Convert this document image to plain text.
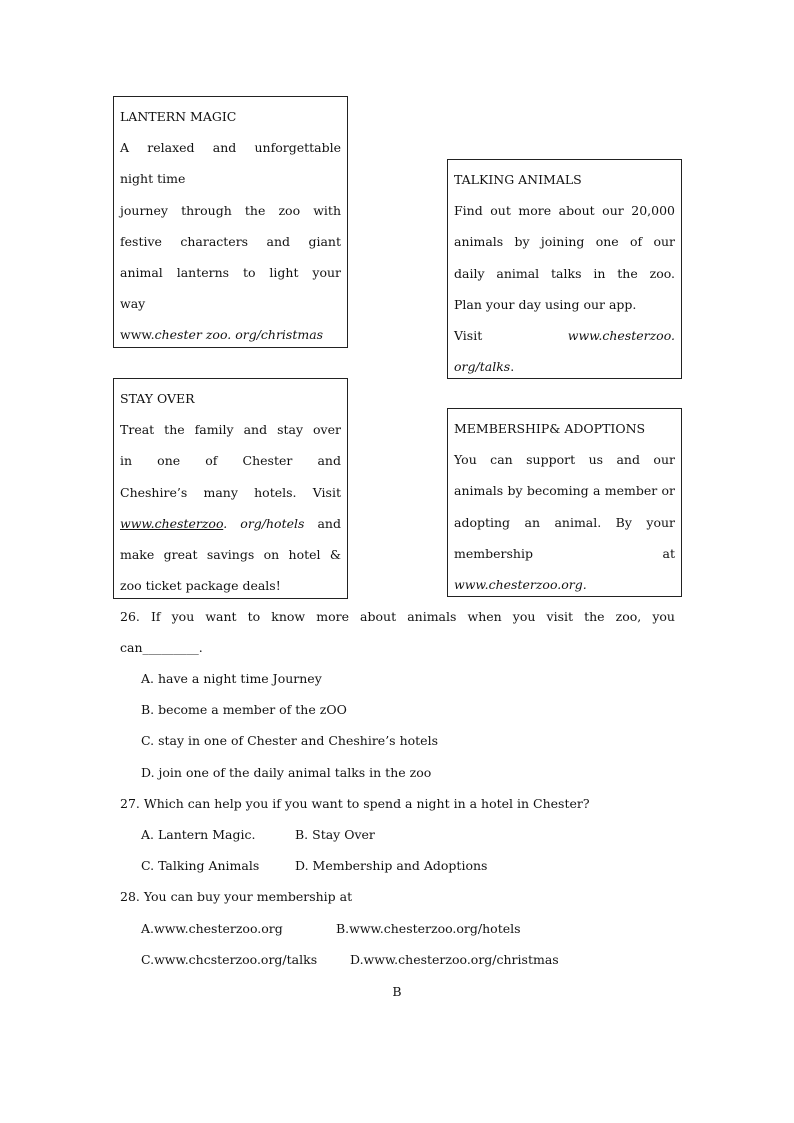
LANTERN MAGIC
A relaxed and unforgettable
night time
journey through the zoo with
festive characters and giant
animal lanterns to light your
way
www.chester zoo. org/christmas
TALKING ANIMALS
Find out more about our 20,000
animals by joining one of our
daily animal talks in the zoo.
Plan your day using our app.
Visit	www.chesterzoo.
org/talks.
STAY OVER
Treat the family and stay over
in one of Chester and
Cheshire’s many hotels. Visit
www.chesterzoo. org/hotels and
make great savings on hotel &
zoo ticket package deals!
MEMBERSHIP& ADOPTIONS
You can support us and our
animals by becoming a member or
adopting an animal. By your
membership at
www.chesterzoo.org.
26. If you want to know more about animals when you visit the zoo, you
can_________.
A. have a night time Journey
B. become a member of the zOO
C. stay in one of Chester and Cheshire’s hotels
D. join one of the daily animal talks in the zoo
27. Which can help you if you want to spend a night in a hotel in Chester?
A. Lantern Magic.	B. Stay Over
C. Talking Animals	D. Membership and Adoptions
28. You can buy your membership at
A.www.chesterzoo.org	B.www.chesterzoo.org/hotels
C.www.chcsterzoo.org/talks	D.www.chesterzoo.org/christmas
B
